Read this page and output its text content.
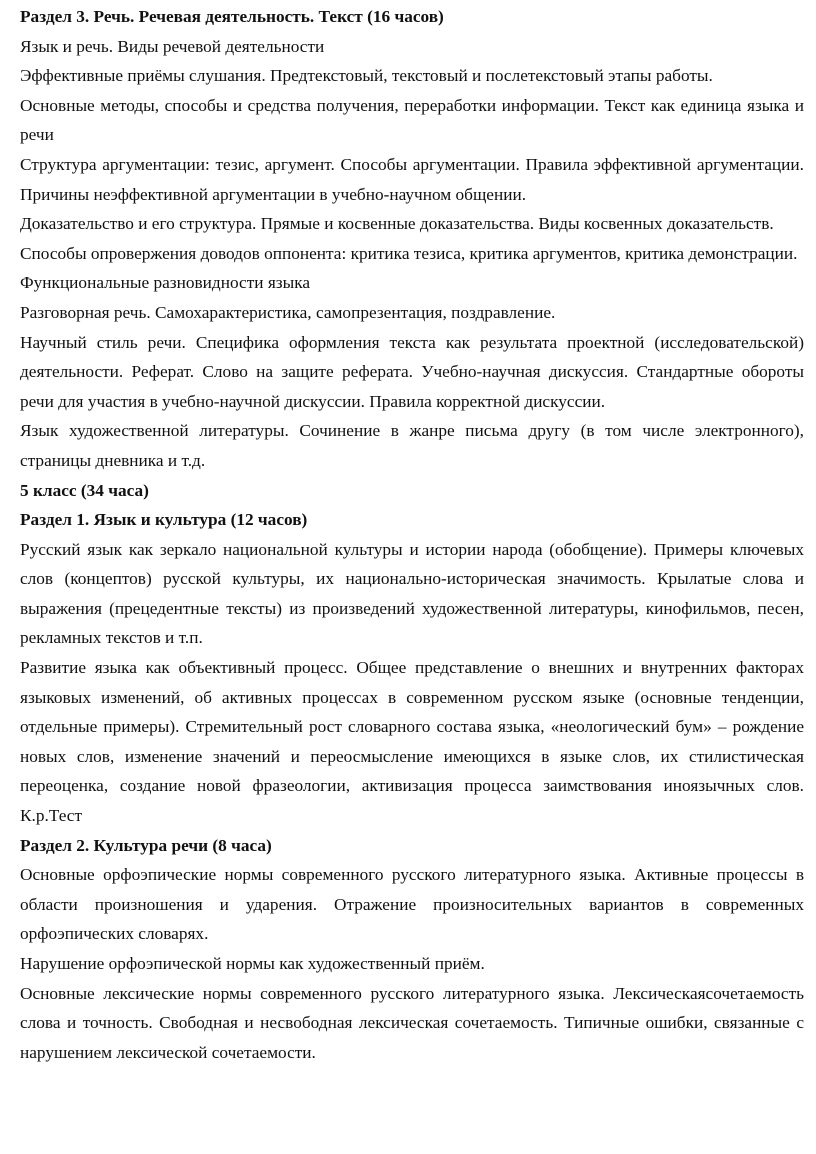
Раздел 3. Речь. Речевая деятельность. Текст (16 часов)

Язык и речь. Виды речевой деятельности

Эффективные приёмы слушания. Предтекстовый, текстовый и послетекстовый этапы работы.

Основные методы, способы и средства получения, переработки информации. Текст как единица языка и речи

Структура аргументации: тезис, аргумент. Способы аргументации. Правила эффективной аргументации. Причины неэффективной аргументации в учебно-научном общении.

Доказательство и его структура. Прямые и косвенные доказательства. Виды косвенных доказательств.

Способы опровержения доводов оппонента: критика тезиса, критика аргументов, критика демонстрации.

Функциональные разновидности языка

Разговорная речь. Самохарактеристика, самопрезентация, поздравление.

Научный стиль речи. Специфика оформления текста как результата проектной (исследовательской) деятельности. Реферат. Слово на защите реферата. Учебно-научная дискуссия. Стандартные обороты речи для участия в учебно-научной дискуссии. Правила корректной дискуссии.

Язык художественной литературы. Сочинение в жанре письма другу (в том числе электронного), страницы дневника и т.д.

5 класс (34 часа)

Раздел 1. Язык и культура (12 часов)

Русский язык как зеркало национальной культуры и истории народа (обобщение). Примеры ключевых слов (концептов) русской культуры, их национально-историческая значимость. Крылатые слова и выражения (прецедентные тексты) из произведений художественной литературы, кинофильмов, песен, рекламных текстов и т.п.

Развитие языка как объективный процесс. Общее представление о внешних и внутренних факторах языковых изменений, об активных процессах в современном русском языке (основные тенденции, отдельные примеры). Стремительный рост словарного состава языка, «неологический бум» – рождение новых слов, изменение значений и переосмысление имеющихся в языке слов, их стилистическая переоценка, создание новой фразеологии, активизация процесса заимствования иноязычных слов. К.р.Тест

Раздел 2. Культура речи (8 часа)

Основные орфоэпические нормы современного русского литературного языка. Активные процессы в области произношения и ударения. Отражение произносительных вариантов в современных орфоэпических словарях.

Нарушение орфоэпической нормы как художественный приём.

Основные лексические нормы современного русского литературного языка. Лексическаясочетаемость слова и точность. Свободная и несвободная лексическая сочетаемость. Типичные ошибки, связанные с нарушением лексической сочетаемости.
